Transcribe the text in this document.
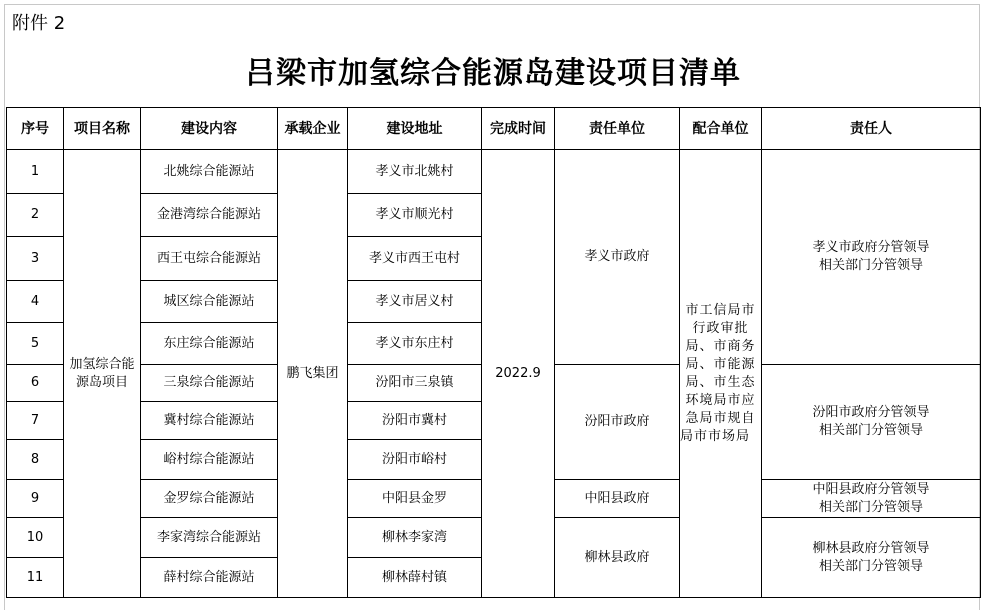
附件 2
吕梁市加氢综合能源岛建设项目清单
序号	项目名称	建设内容	承载企业	建设地址	完成时间	责任单位	配合单位	责任人
1	加氢综合能源岛项目	北姚综合能源站	鹏飞集团	孝义市北姚村	2022.9	孝义市政府	市工信局市行政审批局、市商务局、市能源局、市生态环境局市应急局市规自局市市场局	孝义市政府分管领导
相关部门分管领导

2		金港湾综合能源站		孝义市顺光村				
3		西王屯综合能源站		孝义市西王屯村				
4		城区综合能源站		孝义市居义村				
5		东庄综合能源站		孝义市东庄村				
6		三泉综合能源站		汾阳市三泉镇		汾阳市政府		汾阳市政府分管领导
相关部门分管领导

7		冀村综合能源站		汾阳市冀村				
8		峪村综合能源站		汾阳市峪村				
9		金罗综合能源站		中阳县金罗		中阳县政府		中阳县政府分管领导
相关部门分管领导

10		李家湾综合能源站		柳林李家湾		柳林县政府		柳林县政府分管领导
相关部门分管领导

11		薛村综合能源站		柳林薛村镇				
